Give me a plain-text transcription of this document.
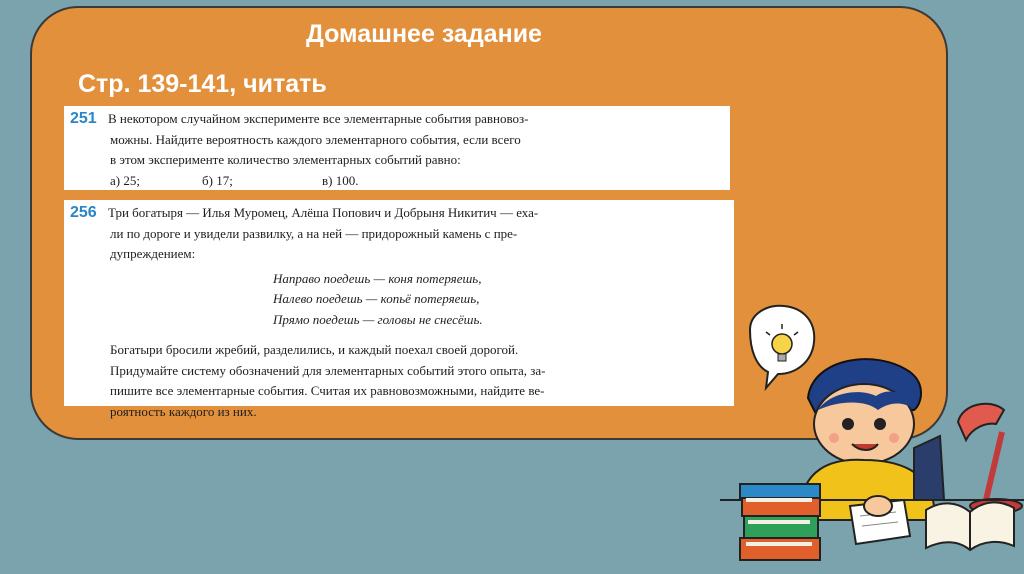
Домашнее задание
Стр. 139-141, читать
251 В некотором случайном эксперименте все элементарные события равновоз-
можны. Найдите вероятность каждого элементарного события, если всего
в этом эксперименте количество элементарных событий равно:
а) 25;	б) 17;	в) 100.
256 Три богатыря — Илья Муромец, Алёша Попович и Добрыня Никитич — еха-
ли по дороге и увидели развилку, а на ней — придорожный камень с пре-
дупреждением:
Направо поедешь — коня потеряешь,
Налево поедешь — копьё потеряешь,
Прямо поедешь — головы не снесёшь.
Богатыри бросили жребий, разделились, и каждый поехал своей дорогой.
Придумайте систему обозначений для элементарных событий этого опыта, за-
пишите все элементарные события. Считая их равновозможными, найдите ве-
роятность каждого из них.
